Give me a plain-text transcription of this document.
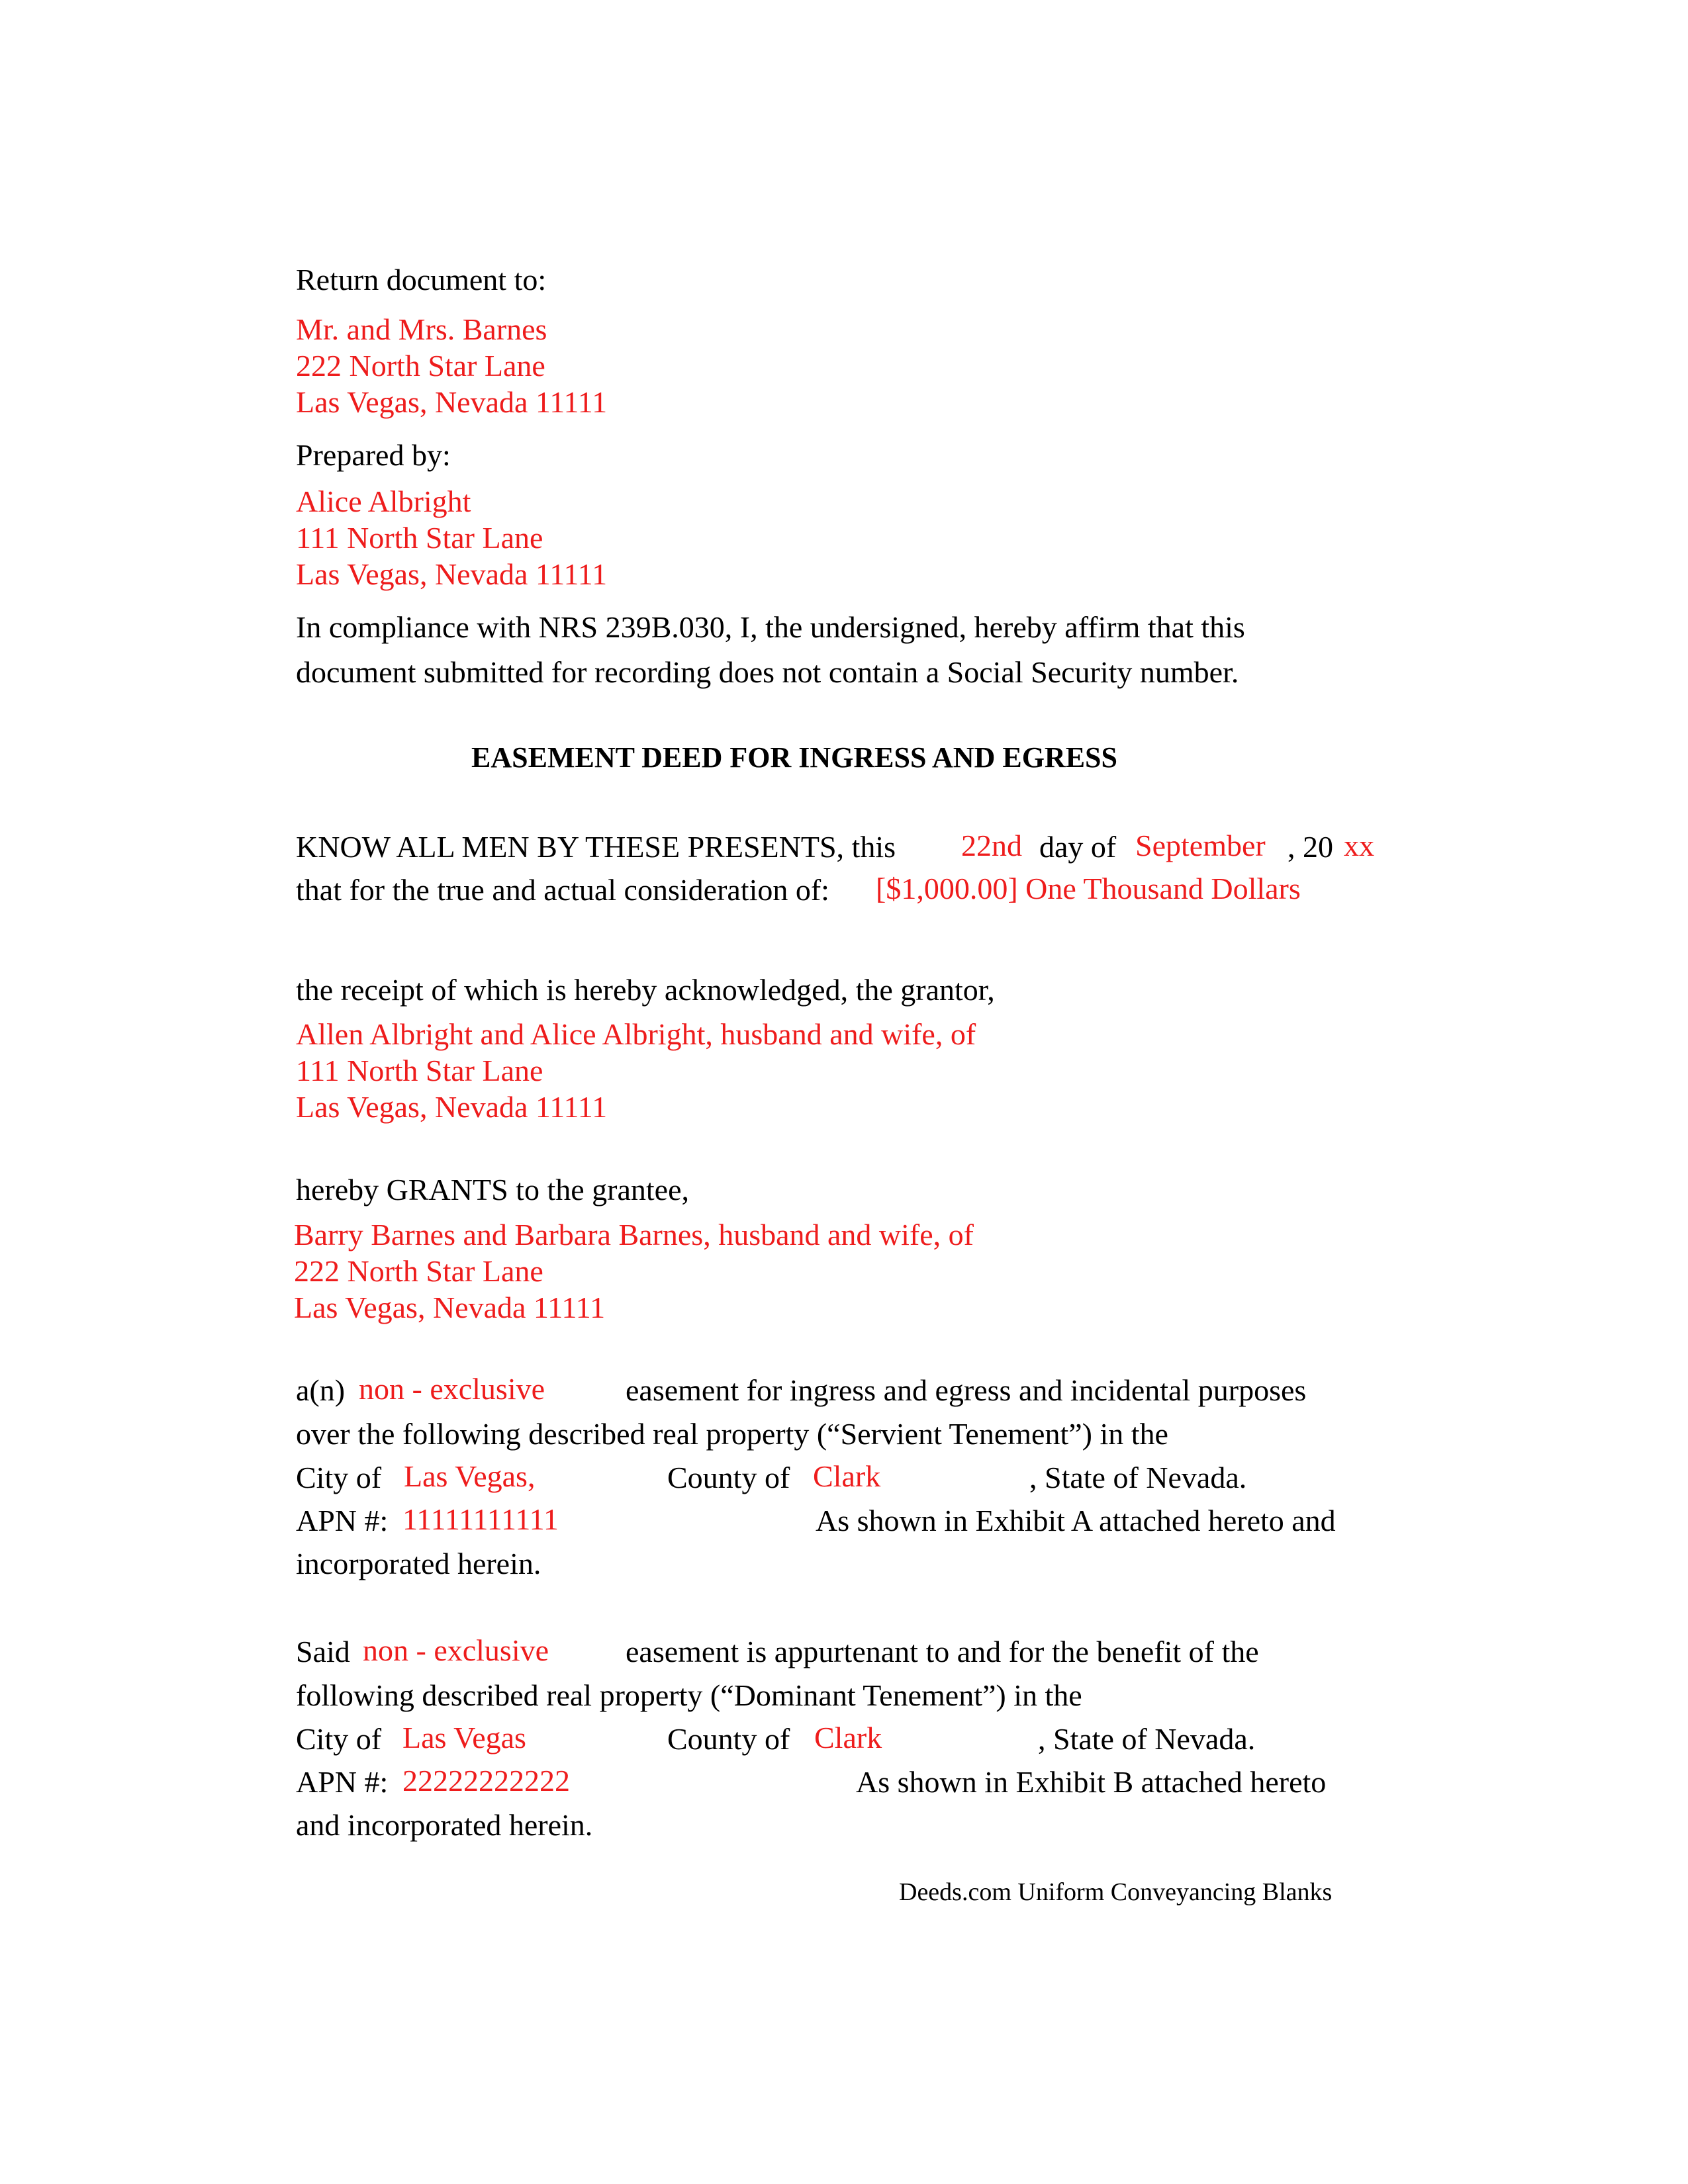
Return document to:
Mr. and Mrs. Barnes
222 North Star Lane
Las Vegas, Nevada 11111
Prepared by:
Alice Albright
111 North Star Lane
Las Vegas, Nevada 11111
In compliance with NRS 239B.030, I, the undersigned, hereby affirm that this
document submitted for recording does not contain a Social Security number.
EASEMENT DEED FOR INGRESS AND EGRESS
KNOW ALL MEN BY THESE PRESENTS, this 22nd day of September , 20 xx
that for the true and actual consideration of: [$1,000.00] One Thousand Dollars
the receipt of which is hereby acknowledged, the grantor,
Allen Albright and Alice Albright, husband and wife, of
111 North Star Lane
Las Vegas, Nevada 11111
hereby GRANTS to the grantee,
Barry Barnes and Barbara Barnes, husband and wife, of
222 North Star Lane
Las Vegas, Nevada 11111
a(n) non - exclusive	easement for ingress and egress and incidental purposes
over the following described real property (“Servient Tenement”) in the
City of Las Vegas,	County of Clark	, State of Nevada.
APN #: 11111111111	As shown in Exhibit A attached hereto and
incorporated herein.
Said non - exclusive	easement is appurtenant to and for the benefit of the
following described real property (“Dominant Tenement”) in the
City of Las Vegas	County of Clark	, State of Nevada.
APN #: 22222222222	As shown in Exhibit B attached hereto
and incorporated herein.
Deeds.com Uniform Conveyancing Blanks
